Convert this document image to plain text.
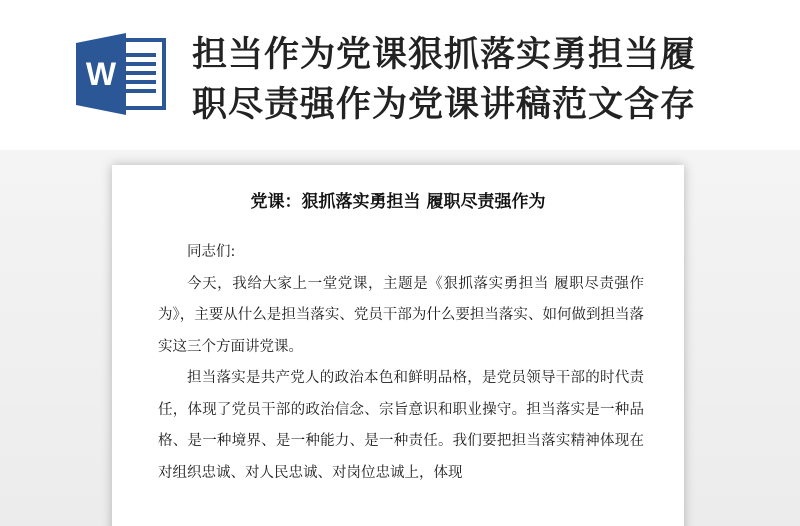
W 担当作为党课狠抓落实勇担当履
职尽责强作为党课讲稿范文含存
党课：狠抓落实勇担当 履职尽责强作为
同志们:
今天，我给大家上一堂党课，主题是《狠抓落实勇担当 履职尽责强作为》，主要从什么是担当落实、党员干部为什么要担当落实、如何做到担当落实这三个方面讲党课。
担当落实是共产党人的政治本色和鲜明品格，是党员领导干部的时代责任，体现了党员干部的政治信念、宗旨意识和职业操守。担当落实是一种品格、是一种境界、是一种能力、是一种责任。我们要把担当落实精神体现在对组织忠诚、对人民忠诚、对岗位忠诚上，体现
